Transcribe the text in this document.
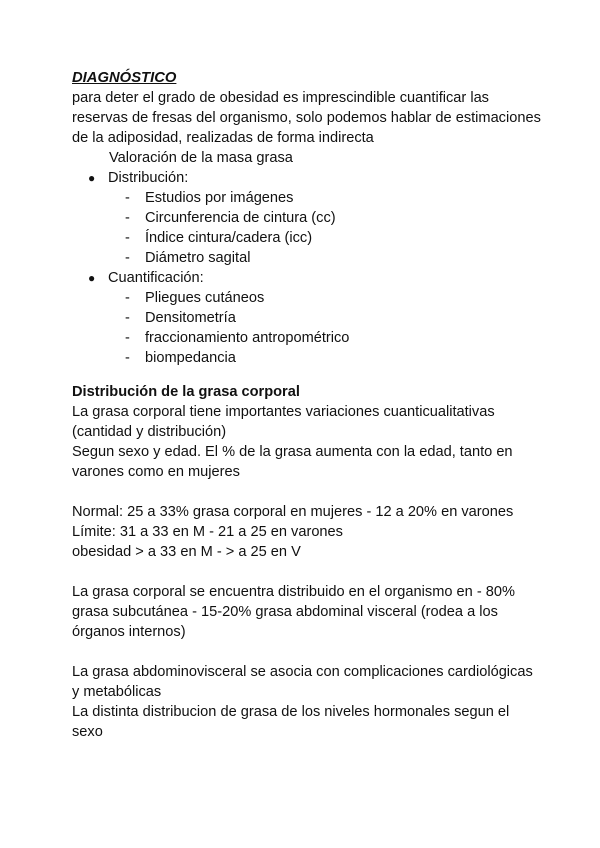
DIAGNÓSTICO

para deter el grado de obesidad es imprescindible cuantificar las reservas de fresas del organismo, solo podemos hablar de estimaciones de la adiposidad, realizadas de forma indirecta

Valoración de la masa grasa
● Distribución:
-	Estudios por imágenes
-	Circunferencia de cintura (cc)
-	Índice cintura/cadera (icc)
-	Diámetro sagital
● Cuantificación:
-	Pliegues cutáneos
-	Densitometría
-	fraccionamiento antropométrico
-	biompedancia
Distribución de la grasa corporal

La grasa corporal tiene importantes variaciones cuanticualitativas (cantidad y distribución)

Segun sexo y edad. El % de la grasa aumenta con la edad, tanto en varones como en mujeres

Normal: 25 a 33% grasa corporal en mujeres - 12 a 20% en varones

Límite: 31 a 33 en M - 21 a 25 en varones

obesidad > a 33 en M - > a 25 en V

La grasa corporal se encuentra distribuido en el organismo en - 80% grasa subcutánea - 15-20% grasa abdominal visceral (rodea a los órganos internos)

La grasa abdominovisceral se asocia con complicaciones cardiológicas y metabólicas

La distinta distribucion de grasa de los niveles hormonales segun el sexo
